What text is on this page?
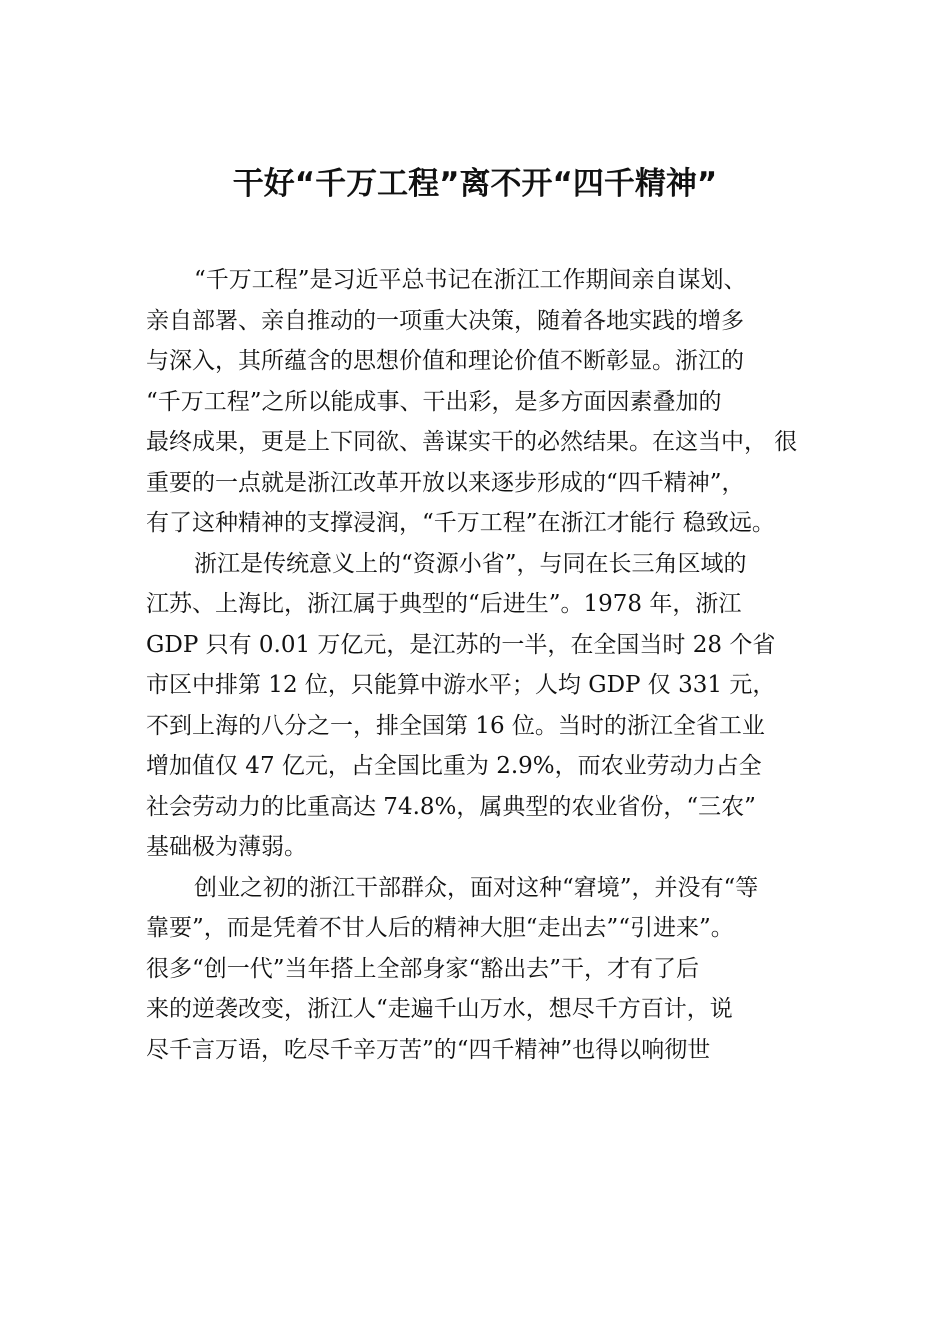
干好“千万工程”离不开“四千精神”
“千万工程”是习近平总书记在浙江工作期间亲自谋划、
亲自部署、亲自推动的一项重大决策，随着各地实践的增多
与深入，其所蕴含的思想价值和理论价值不断彰显。浙江的
“千万工程”之所以能成事、干出彩，是多方面因素叠加的
最终成果，更是上下同欲、善谋实干的必然结果。在这当中， 很
重要的一点就是浙江改革开放以来逐步形成的“四千精神”，
有了这种精神的支撑浸润，“千万工程”在浙江才能行 稳致远。
浙江是传统意义上的“资源小省”，与同在长三角区域的
江苏、上海比，浙江属于典型的“后进生”。1978 年，浙江
GDP 只有 0.01 万亿元，是江苏的一半，在全国当时 28 个省
市区中排第 12 位，只能算中游水平；人均 GDP 仅 331 元，
不到上海的八分之一，排全国第 16 位。当时的浙江全省工业
增加值仅 47 亿元，占全国比重为 2.9%，而农业劳动力占全
社会劳动力的比重高达 74.8%，属典型的农业省份，“三农”
基础极为薄弱。
创业之初的浙江干部群众，面对这种“窘境”，并没有“等
靠要”，而是凭着不甘人后的精神大胆“走出去”“引进来”。
很多“创一代”当年搭上全部身家“豁出去”干，才有了后
来的逆袭改变，浙江人“走遍千山万水，想尽千方百计，说
尽千言万语，吃尽千辛万苦”的“四千精神”也得以响彻世
